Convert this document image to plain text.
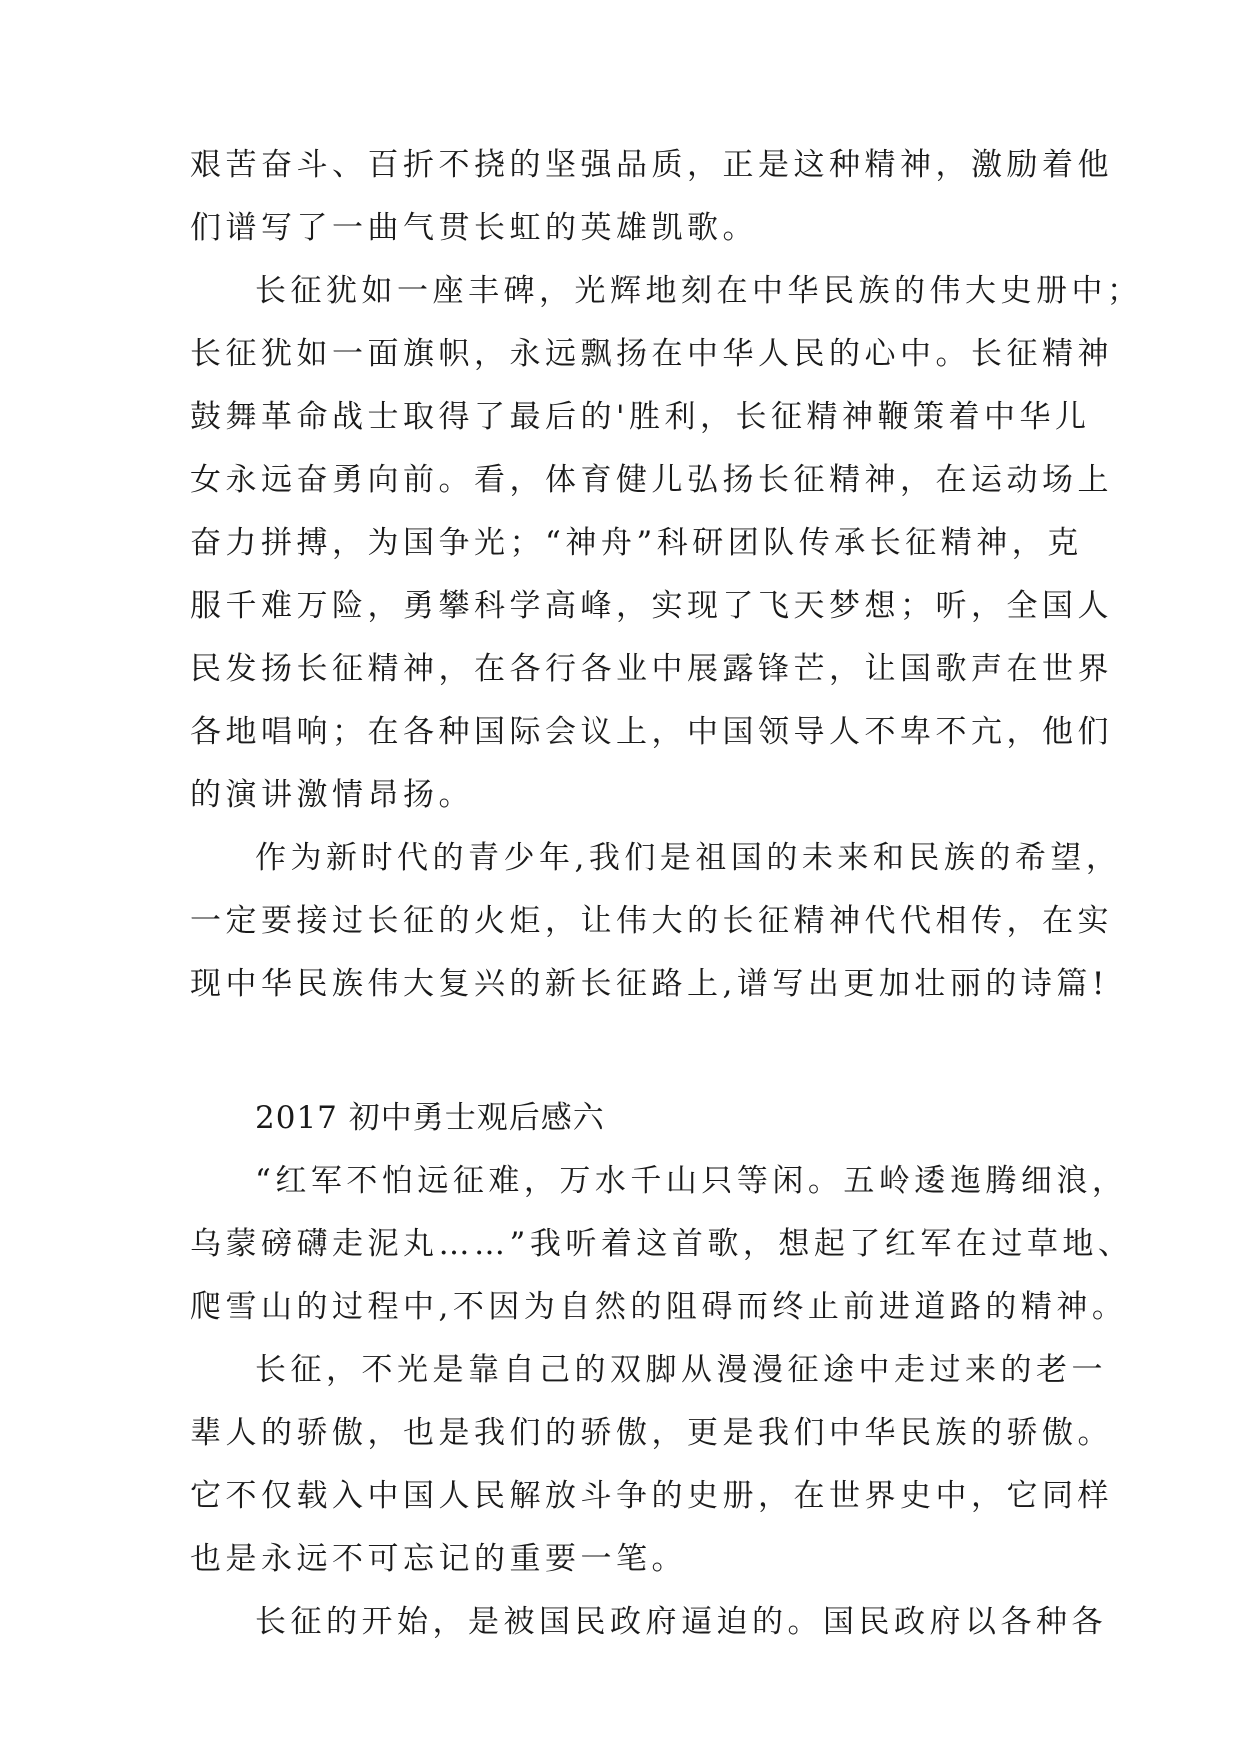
艰苦奋斗、百折不挠的坚强品质，正是这种精神，激励着他

们谱写了一曲气贯长虹的英雄凯歌。

长征犹如一座丰碑，光辉地刻在中华民族的伟大史册中；

长征犹如一面旗帜，永远飘扬在中华人民的心中。长征精神

鼓舞革命战士取得了最后的'胜利，长征精神鞭策着中华儿

女永远奋勇向前。看，体育健儿弘扬长征精神，在运动场上

奋力拼搏，为国争光；“神舟”科研团队传承长征精神，克

服千难万险，勇攀科学高峰，实现了飞天梦想；听，全国人

民发扬长征精神，在各行各业中展露锋芒，让国歌声在世界

各地唱响；在各种国际会议上，中国领导人不卑不亢，他们

的演讲激情昂扬。

作为新时代的青少年,我们是祖国的未来和民族的希望，

一定要接过长征的火炬，让伟大的长征精神代代相传，在实

现中华民族伟大复兴的新长征路上,谱写出更加壮丽的诗篇!

2017 初中勇士观后感六

“红军不怕远征难，万水千山只等闲。五岭逶迤腾细浪，

乌蒙磅礴走泥丸……”我听着这首歌，想起了红军在过草地、

爬雪山的过程中,不因为自然的阻碍而终止前进道路的精神。

长征，不光是靠自己的双脚从漫漫征途中走过来的老一

辈人的骄傲，也是我们的骄傲，更是我们中华民族的骄傲。

它不仅载入中国人民解放斗争的史册，在世界史中，它同样

也是永远不可忘记的重要一笔。

长征的开始，是被国民政府逼迫的。国民政府以各种各
